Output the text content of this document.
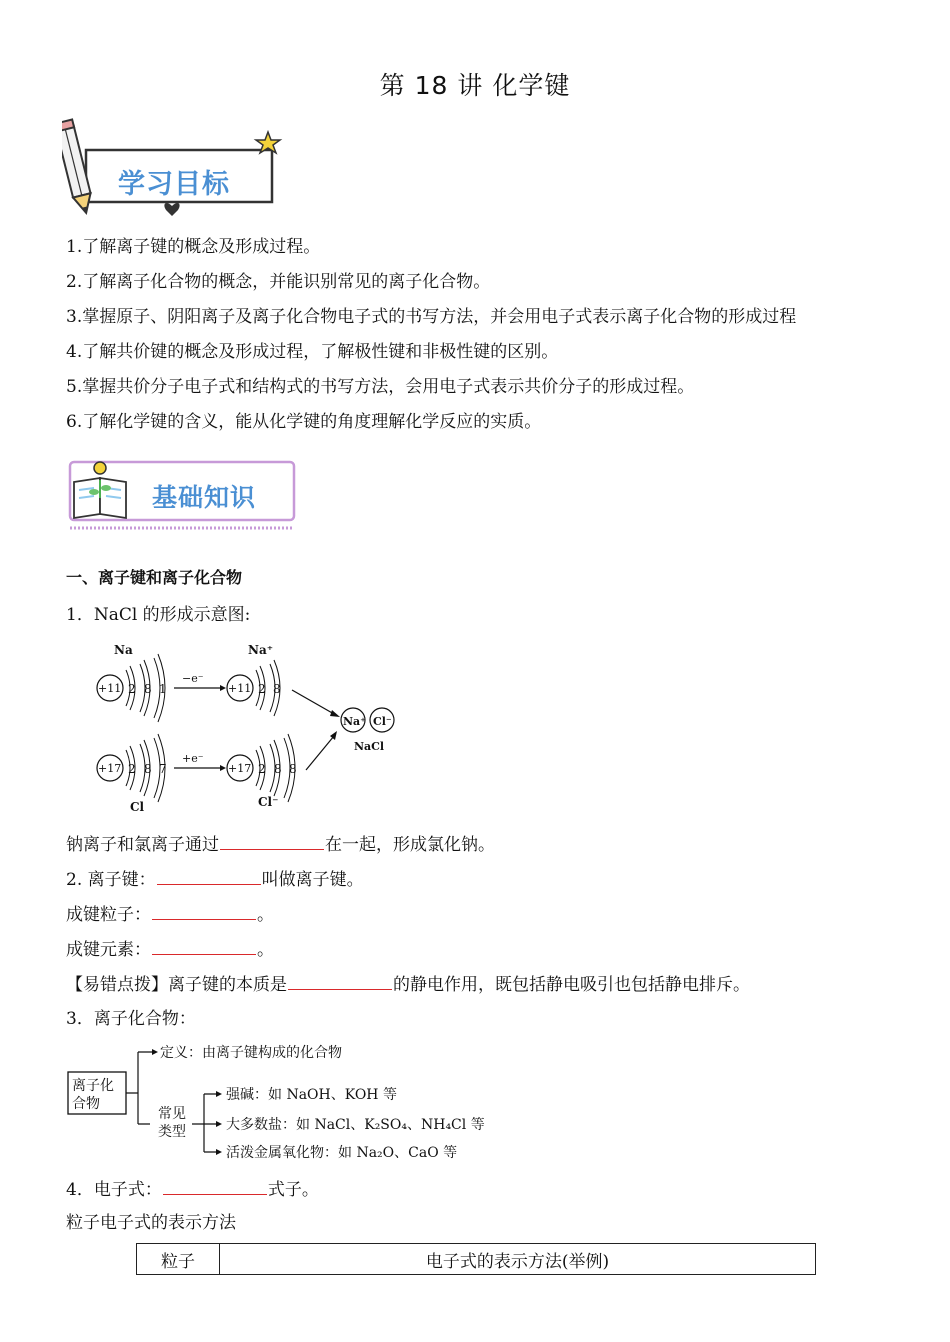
第 18 讲 化学键
学习目标
1.了解离子键的概念及形成过程。
2.了解离子化合物的概念，并能识别常见的离子化合物。
3.掌握原子、阴阳离子及离子化合物电子式的书写方法，并会用电子式表示离子化合物的形成过程
4.了解共价键的概念及形成过程，了解极性键和非极性键的区别。
5.掌握共价分子电子式和结构式的书写方法，会用电子式表示共价分子的形成过程。
6.了解化学键的含义，能从化学键的角度理解化学反应的实质。
基础知识
一、离子键和离子化合物
1．NaCl 的形成示意图:
Na
+11 2 8 1
−e⁻
Na⁺
+11 2 8
Na⁺ Cl⁻
NaCl
+17 2 8 7
Cl
+e⁻
+17 2 8 8
Cl⁻
钠离子和氯离子通过	在一起，形成氯化钠。
2. 离子键：	叫做离子键。
成键粒子：	。
成键元素：	。
【易错点拨】离子键的本质是	的静电作用，既包括静电吸引也包括静电排斥。
3．离子化合物：
离子化
合物
定义：由离子键构成的化合物
常见
类型
强碱：如 NaOH、KOH 等
大多数盐：如 NaCl、K₂SO₄、NH₄Cl 等
活泼金属氧化物：如 Na₂O、CaO 等
4．电子式：	式子。
粒子电子式的表示方法
粒子	电子式的表示方法(举例)
